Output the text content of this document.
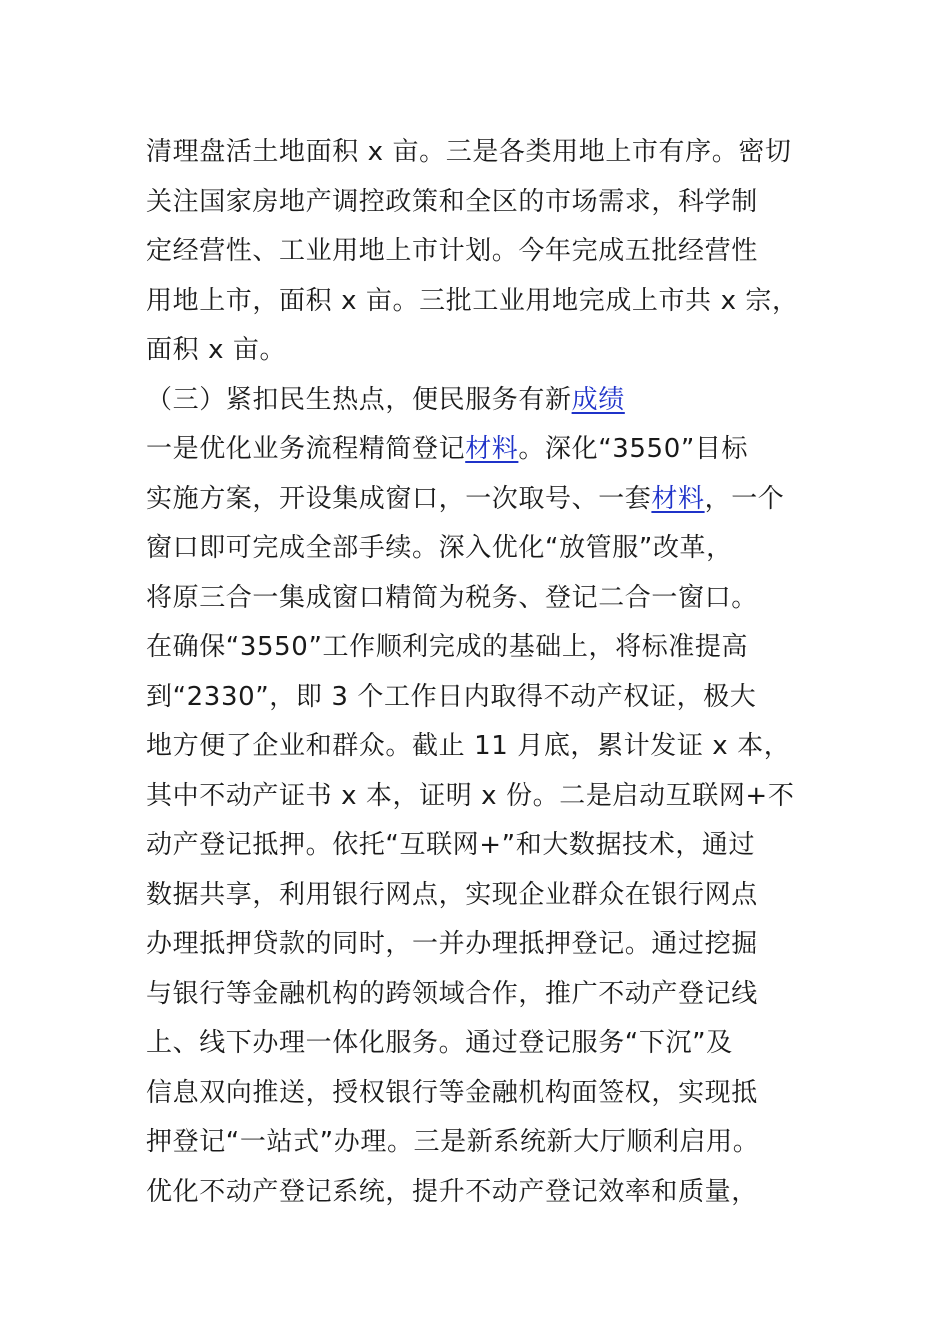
清理盘活土地面积 x 亩。三是各类用地上市有序。密切
关注国家房地产调控政策和全区的市场需求，科学制
定经营性、工业用地上市计划。今年完成五批经营性
用地上市，面积 x 亩。三批工业用地完成上市共 x 宗，
面积 x 亩。
（三）紧扣民生热点，便民服务有新成绩
一是优化业务流程精简登记材料。深化“3550”目标
实施方案，开设集成窗口，一次取号、一套材料，一个
窗口即可完成全部手续。深入优化“放管服”改革，
将原三合一集成窗口精简为税务、登记二合一窗口。
在确保“3550”工作顺利完成的基础上，将标准提高
到“2330”，即 3 个工作日内取得不动产权证，极大
地方便了企业和群众。截止 11 月底，累计发证 x 本，
其中不动产证书 x 本，证明 x 份。二是启动互联网+不
动产登记抵押。依托“互联网+”和大数据技术，通过
数据共享，利用银行网点，实现企业群众在银行网点
办理抵押贷款的同时，一并办理抵押登记。通过挖掘
与银行等金融机构的跨领域合作，推广不动产登记线
上、线下办理一体化服务。通过登记服务“下沉”及
信息双向推送，授权银行等金融机构面签权，实现抵
押登记“一站式”办理。三是新系统新大厅顺利启用。
优化不动产登记系统，提升不动产登记效率和质量，
